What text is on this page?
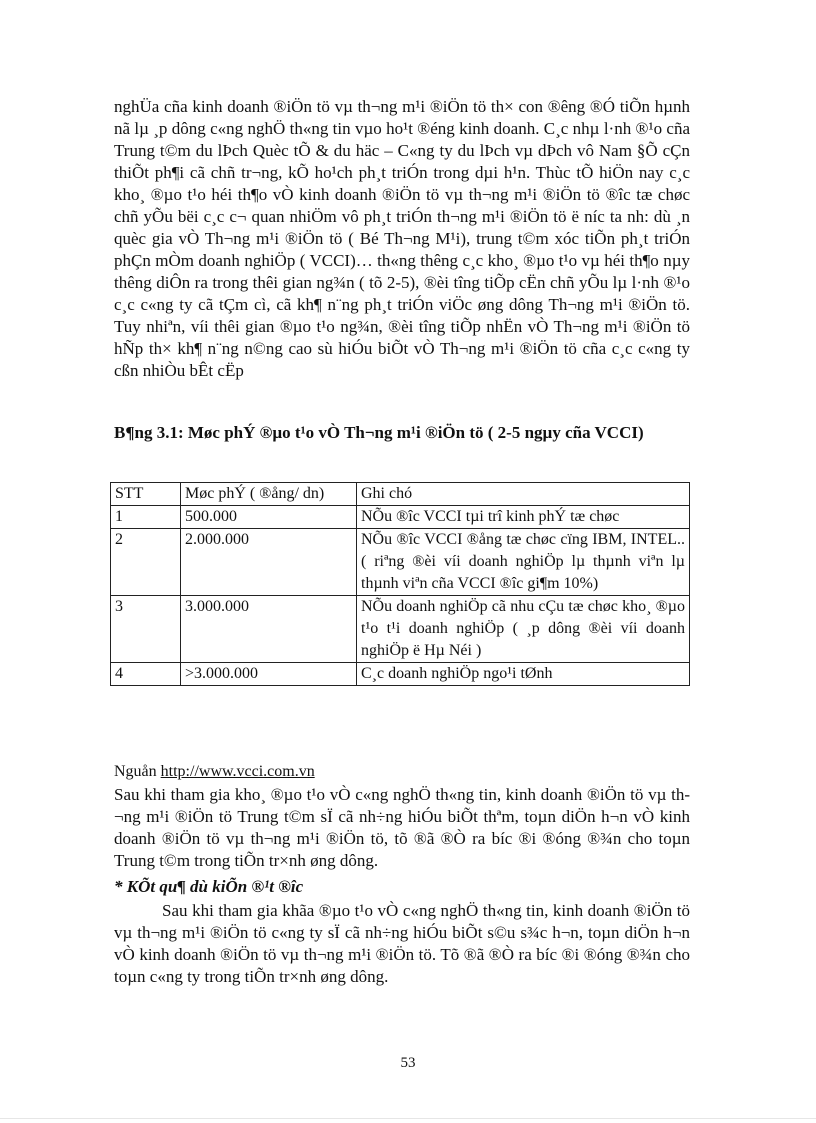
nghÜa cña kinh doanh ®iÖn tö vµ th¬ng m¹i ®iÖn tö th× con ®êng ®Ó tiÕn hµnh nã lµ ¸p dông c«ng nghÖ th«ng tin vµo ho¹t ®éng kinh doanh. C¸c nhµ l·nh ®¹o cña Trung t©m du lÞch Quèc tÕ & du häc – C«ng ty du lÞch vµ dÞch vô Nam §Õ cÇn thiÕt ph¶i cã chñ tr¬ng, kÕ ho¹ch ph¸t triÓn trong dµi h¹n. Thùc tÕ hiÖn nay c¸c kho¸ ®µo t¹o héi th¶o vÒ kinh doanh ®iÖn tö vµ th¬ng m¹i ®iÖn tö ®îc tæ chøc chñ yÕu bëi c¸c c¬ quan nhiÖm vô ph¸t triÓn th¬ng m¹i ®iÖn tö ë níc ta nh: dù ¸n quèc gia vÒ Th¬ng m¹i ®iÖn tö ( Bé Th¬ng M¹i), trung t©m xóc tiÕn ph¸t triÓn phÇn mÒm doanh nghiÖp ( VCCI)… th«ng thêng c¸c kho¸ ®µo t¹o vµ héi th¶o nµy thêng diÔn ra trong thêi gian ng¾n ( tõ 2-5), ®èi tîng tiÕp cËn chñ yÕu lµ l·nh ®¹o c¸c c«ng ty cã tÇm cì, cã kh¶ n¨ng ph¸t triÓn viÖc øng dông Th¬ng m¹i ®iÖn tö. Tuy nhiªn, víi thêi gian ®µo t¹o ng¾n, ®èi tîng tiÕp nhËn vÒ Th¬ng m¹i ®iÖn tö hÑp th× kh¶ n¨ng n©ng cao sù hiÓu biÕt vÒ Th¬ng m¹i ®iÖn tö cña c¸c c«ng ty cßn nhiÒu bÊt cËp
B¶ng 3.1: Møc phÝ ®µo t¹o vÒ Th¬ng m¹i ®iÖn tö ( 2-5 ngµy cña VCCI)
STT	Møc phÝ ( ®ång/ dn)	Ghi chó
1	500.000	NÕu ®îc VCCI tµi trî kinh phÝ tæ chøc
2	2.000.000	NÕu ®îc VCCI ®ång tæ chøc cïng IBM, INTEL..( riªng ®èi víi doanh nghiÖp lµ thµnh viªn lµ thµnh viªn cña VCCI ®îc gi¶m 10%)
3	3.000.000	NÕu doanh nghiÖp cã nhu cÇu tæ chøc kho¸ ®µo t¹o t¹i doanh nghiÖp ( ¸p dông ®èi víi doanh nghiÖp ë Hµ Néi )
4	>3.000.000	C¸c doanh nghiÖp ngo¹i tØnh
Nguån http://www.vcci.com.vn
Sau khi tham gia kho¸ ®µo t¹o vÒ c«ng nghÖ th«ng tin, kinh doanh ®iÖn tö vµ th¬ng m¹i ®iÖn tö Trung t©m sÏ cã nh÷ng hiÓu biÕt thªm, toµn diÖn h¬n vÒ kinh doanh ®iÖn tö vµ th¬ng m¹i ®iÖn tö, tõ ®ã ®Ò ra bíc ®i ®óng ®¾n cho toµn Trung t©m trong tiÕn tr×nh øng dông.
* KÕt qu¶ dù kiÕn ®¹t ®îc
Sau khi tham gia khãa ®µo t¹o vÒ c«ng nghÖ th«ng tin, kinh doanh ®iÖn tö vµ th¬ng m¹i ®iÖn tö c«ng ty sÏ cã nh÷ng hiÓu biÕt s©u s¾c h¬n, toµn diÖn h¬n vÒ kinh doanh ®iÖn tö vµ th¬ng m¹i ®iÖn tö. Tõ ®ã ®Ò ra bíc ®i ®óng ®¾n cho toµn c«ng ty trong tiÕn tr×nh øng dông.
53
